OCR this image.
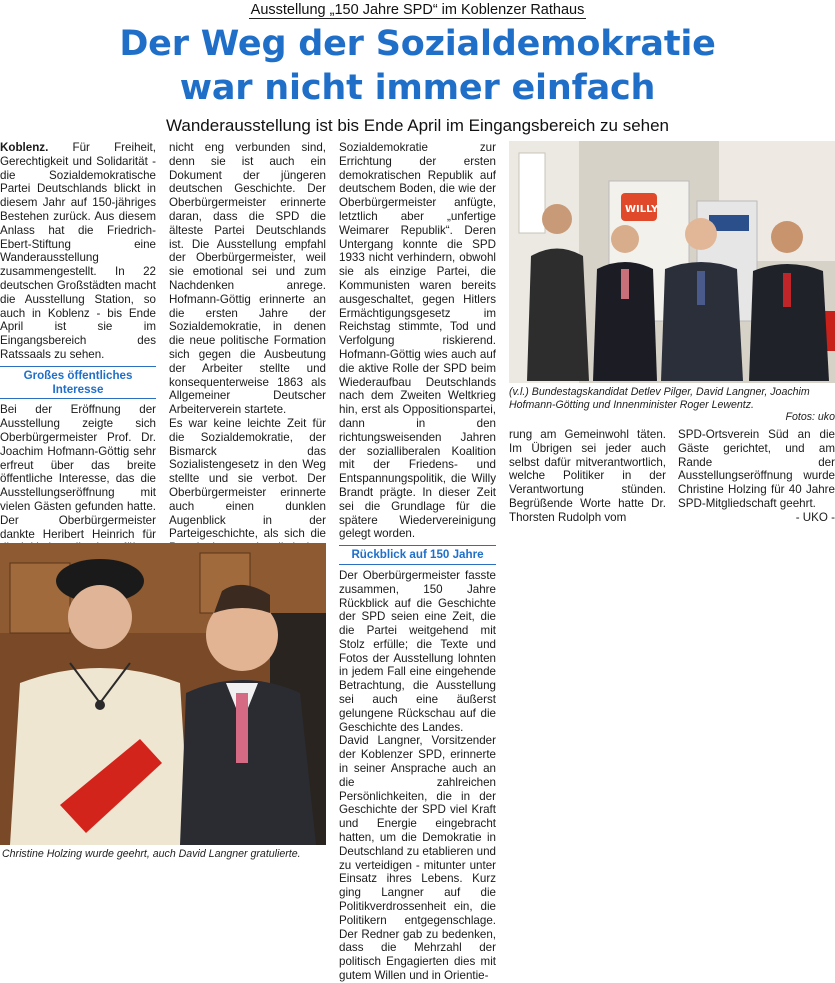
Ausstellung „150 Jahre SPD“ im Koblenzer Rathaus
Der Weg der Sozialdemokratie
war nicht immer einfach
Wanderausstellung ist bis Ende April im Eingangsbereich zu sehen

Koblenz. Für Freiheit, Gerechtigkeit und Solidarität - die Sozialdemokratische Partei Deutschlands blickt in diesem Jahr auf 150-jähriges Bestehen zurück. Aus diesem Anlass hat die Friedrich-Ebert-Stiftung eine Wanderausstellung zusammengestellt. In 22 deutschen Großstädten macht die Ausstellung Station, so auch in Koblenz - bis Ende April ist sie im Eingangsbereich des Ratssaals zu sehen.

Großes öffentliches Interesse

Bei der Eröffnung der Ausstellung zeigte sich Oberbürgermeister Prof. Dr. Joachim Hofmann-Göttig sehr erfreut über das breite öffentliche Interesse, das die Ausstellungseröffnung mit vielen Gästen gefunden hatte. Der Oberbürgermeister dankte Heribert Heinrich für

nicht eng verbunden sind, denn sie ist auch ein Dokument der jüngeren deutschen Geschichte. Der Oberbürgermeister erinnerte daran, dass die SPD die älteste Partei Deutschlands ist. Die Ausstellung empfahl der Oberbürgermeister, weil sie emotional sei und zum Nachdenken anrege. Hofmann-Göttig erinnerte an die ersten Jahre der Sozialdemokratie, in denen die neue politische Formation sich gegen die Ausbeutung der Arbeiter stellte und konsequenterweise 1863 als Allgemeiner Deutscher Arbeiterverein startete.

Es war keine leichte Zeit für die Sozialdemokratie, der Bismarck das Sozialistengesetz in den Weg stellte und sie verbot. Der Oberbürgermeister erinnerte auch einen dunklen Augenblick in der Parteigeschichte, als sich die

Sozialdemokratie zur Errichtung der ersten demokratischen Republik auf deutschem Boden, die wie der Oberbürgermeister anfügte, letztlich aber „unfertige Weimarer Republik“. Deren Untergang konnte die SPD 1933 nicht verhindern, obwohl sie als einzige Partei, die Kommunisten waren bereits ausgeschaltet, gegen Hitlers Ermächtigungsgesetz im Reichstag stimmte, Tod und Verfolgung riskierend. Hofmann-Göttig wies auch auf die aktive Rolle der SPD beim Wiederaufbau Deutschlands nach dem Zweiten Weltkrieg hin, erst als Oppositionspartei, dann in den richtungsweisenden Jahren der sozialliberalen Koalition mit der Friedens- und Entspannungspolitik, die Willy Brandt prägte. In dieser Zeit sei die Grundlage für die spätere Wiedervereinigung gelegt worden.

Rückblick auf 150 Jahre

Der Oberbürgermeister fasste zusammen, 150 Jahre Rückblick auf die Geschichte der SPD seien eine Zeit, die die Partei weitgehend mit Stolz erfülle; die Texte und Fotos der Ausstellung lohnten in jedem Fall eine eingehende Betrachtung, die Ausstellung sei auch eine äußerst gelungene Rückschau auf die Geschichte des Landes.

David Langner, Vorsitzender der Koblenzer SPD, erinnerte in seiner Ansprache auch an die zahlreichen Persönlichkeiten, die in der Geschichte der SPD viel Kraft und Energie eingebracht hatten, um die Demokratie in Deutschland zu etablieren und zu verteidigen - mitunter unter Einsatz ihres Lebens. Kurz ging Langner auf die Politikverdrossenheit ein, die Politikern entgegenschlage. Der Redner gab zu bedenken, dass die Mehrzahl der politisch Engagierten dies mit gutem Willen und in Orientie-

WILLY
(v.l.) Bundestagskandidat Detlev Pilger, David Langner, Joachim Hofmann-Götting und Innenminister Roger Lewentz.
Fotos: uko

rung am Gemeinwohl täten. Im Übrigen sei jeder auch selbst dafür mitverantwortlich, welche Politiker in der Verantwortung stünden. Begrüßende Worte hatte Dr. Thorsten Rudolph vom

SPD-Ortsverein Süd an die Gäste gerichtet, und am Rande der Ausstellungseröffnung wurde Christine Holzing für 40 Jahre SPD-Mitgliedschaft geehrt.

- UKO -
Christine Holzing wurde geehrt, auch David Langner gratulierte.
